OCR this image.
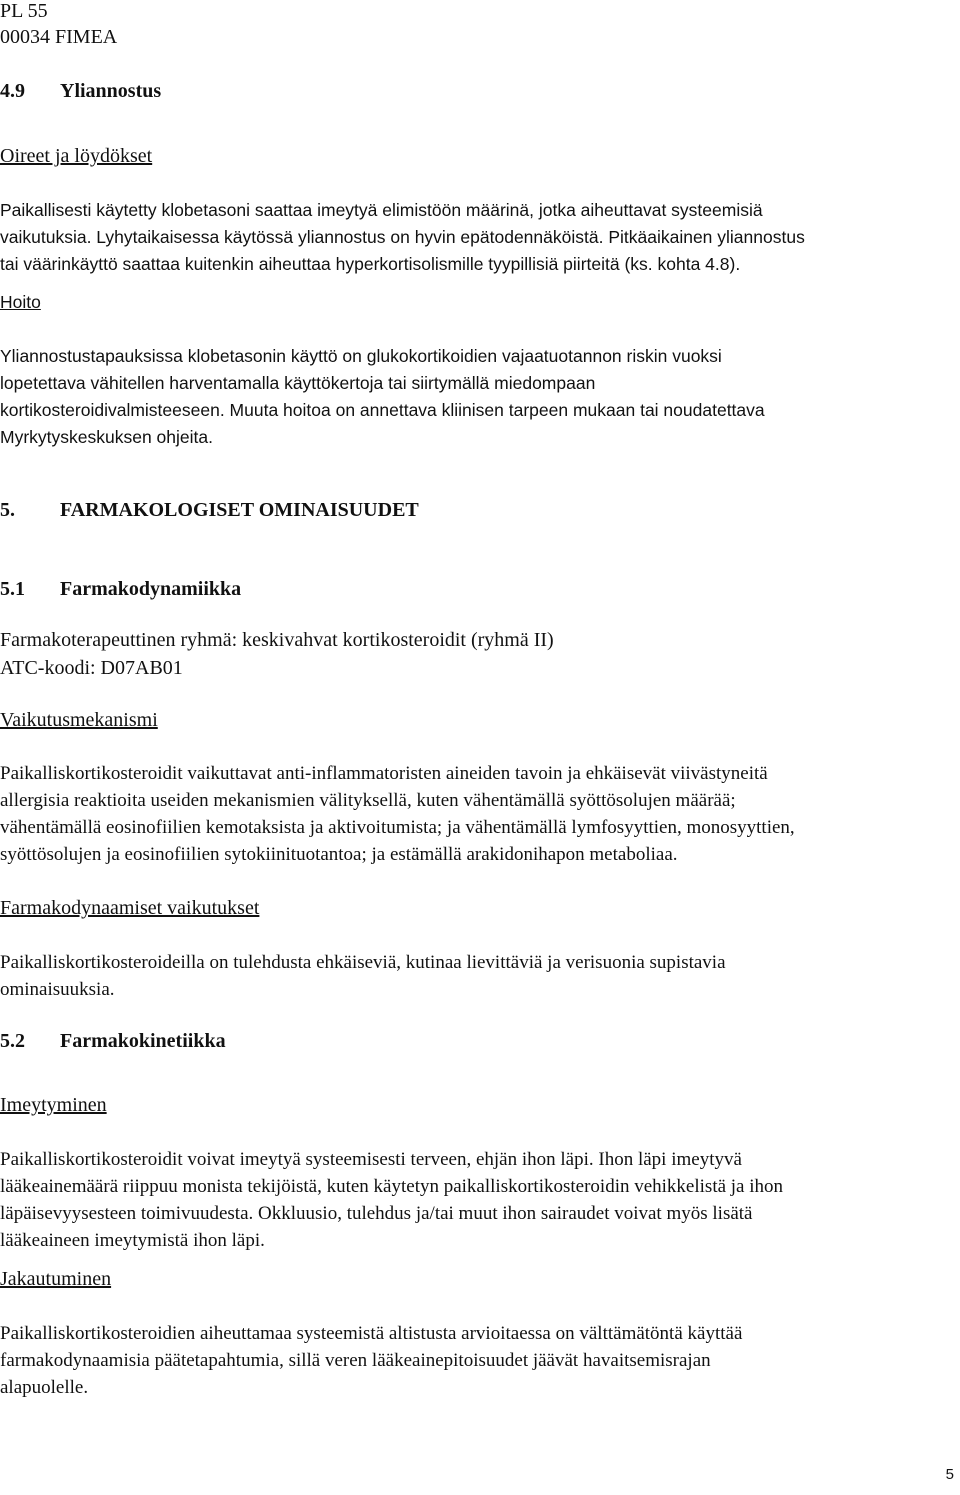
PL 55
00034 FIMEA
4.9 Yliannostus
Oireet ja löydökset
Paikallisesti käytetty klobetasoni saattaa imeytyä elimistöön määrinä, jotka aiheuttavat systeemisiä
vaikutuksia. Lyhytaikaisessa käytössä yliannostus on hyvin epätodennäköistä. Pitkäaikainen yliannostus
tai väärinkäyttö saattaa kuitenkin aiheuttaa hyperkortisolismille tyypillisiä piirteitä (ks. kohta 4.8).
Hoito
Yliannostustapauksissa klobetasonin käyttö on glukokortikoidien vajaatuotannon riskin vuoksi
lopetettava vähitellen harventamalla käyttökertoja tai siirtymällä miedompaan
kortikosteroidivalmisteeseen. Muuta hoitoa on annettava kliinisen tarpeen mukaan tai noudatettava
Myrkytyskeskuksen ohjeita.
5. FARMAKOLOGISET OMINAISUUDET
5.1 Farmakodynamiikka
Farmakoterapeuttinen ryhmä: keskivahvat kortikosteroidit (ryhmä II)
ATC-koodi: D07AB01
Vaikutusmekanismi
Paikalliskortikosteroidit vaikuttavat anti-inflammatoristen aineiden tavoin ja ehkäisevät viivästyneitä
allergisia reaktioita useiden mekanismien välityksellä, kuten vähentämällä syöttösolujen määrää;
vähentämällä eosinofiilien kemotaksista ja aktivoitumista; ja vähentämällä lymfosyyttien, monosyyttien,
syöttösolujen ja eosinofiilien sytokiinituotantoa; ja estämällä arakidonihapon metaboliaa.
Farmakodynaamiset vaikutukset
Paikalliskortikosteroideilla on tulehdusta ehkäiseviä, kutinaa lievittäviä ja verisuonia supistavia
ominaisuuksia.
5.2 Farmakokinetiikka
Imeytyminen
Paikalliskortikosteroidit voivat imeytyä systeemisesti terveen, ehjän ihon läpi. Ihon läpi imeytyvä
lääkeainemäärä riippuu monista tekijöistä, kuten käytetyn paikalliskortikosteroidin vehikkelistä ja ihon
läpäisevyysesteen toimivuudesta. Okkluusio, tulehdus ja/tai muut ihon sairaudet voivat myös lisätä
lääkeaineen imeytymistä ihon läpi.
Jakautuminen
Paikalliskortikosteroidien aiheuttamaa systeemistä altistusta arvioitaessa on välttämätöntä käyttää
farmakodynaamisia päätetapahtumia, sillä veren lääkeainepitoisuudet jäävät havaitsemisrajan
alapuolelle.
5
